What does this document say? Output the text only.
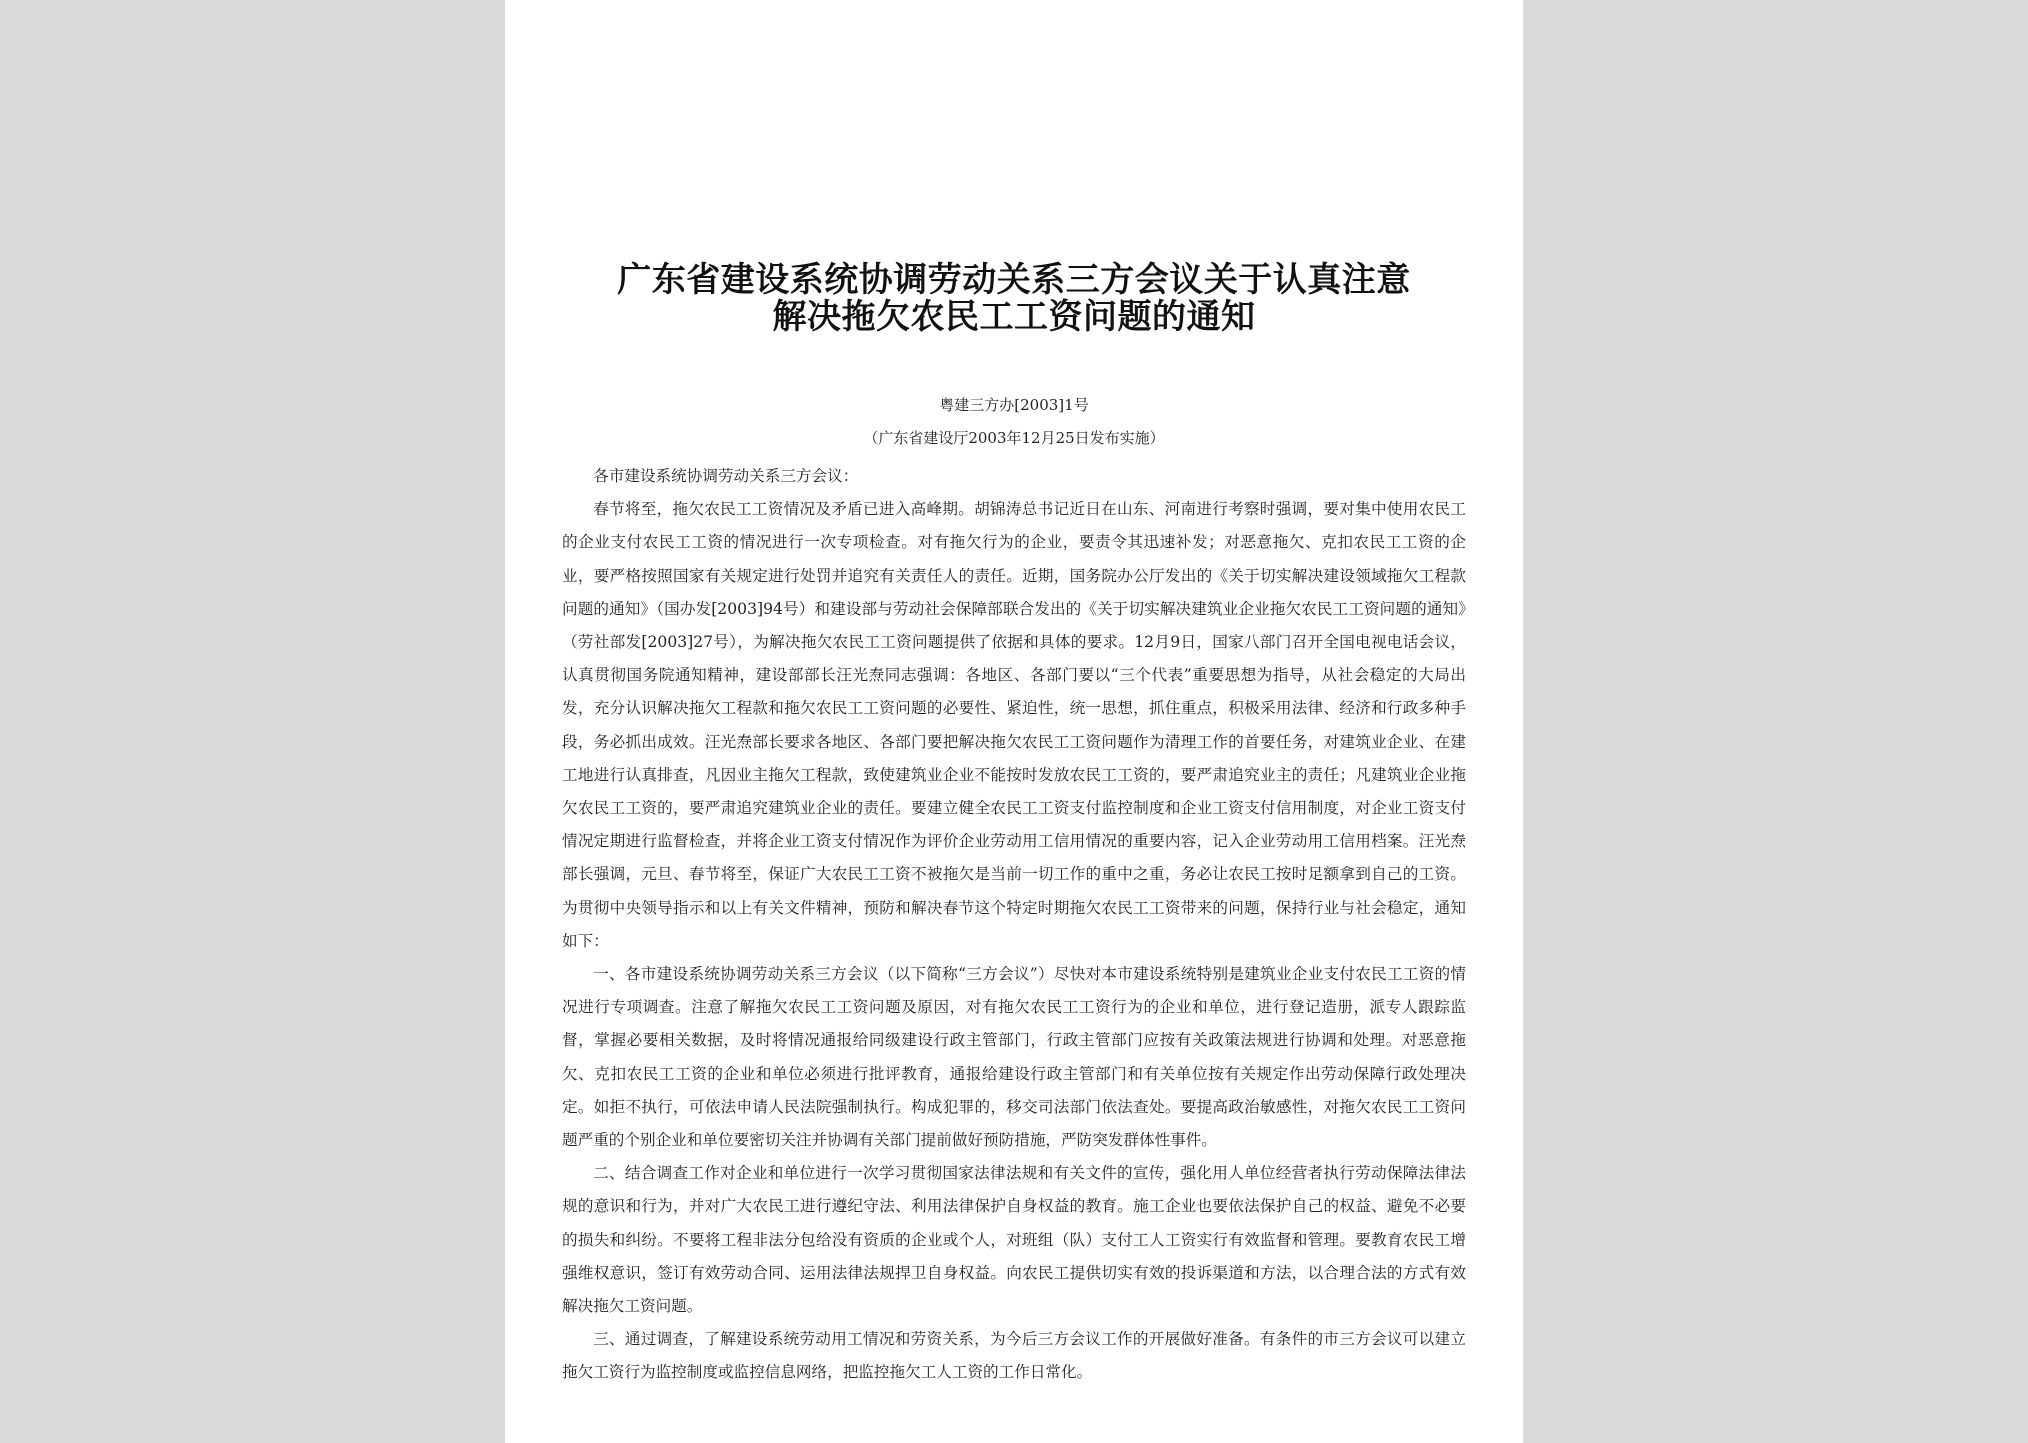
广东省建设系统协调劳动关系三方会议关于认真注意
解决拖欠农民工工资问题的通知
粤建三方办[2003]1号
（广东省建设厅2003年12月25日发布实施）

各市建设系统协调劳动关系三方会议：

春节将至，拖欠农民工工资情况及矛盾已进入高峰期。胡锦涛总书记近日在山东、河南进行考察时强调，要对集中使用农民工的企业支付农民工工资的情况进行一次专项检查。对有拖欠行为的企业，要责令其迅速补发；对恶意拖欠、克扣农民工工资的企业，要严格按照国家有关规定进行处罚并追究有关责任人的责任。近期，国务院办公厅发出的《关于切实解决建设领域拖欠工程款问题的通知》（国办发[2003]94号）和建设部与劳动社会保障部联合发出的《关于切实解决建筑业企业拖欠农民工工资问题的通知》（劳社部发[2003]27号），为解决拖欠农民工工资问题提供了依据和具体的要求。12月9日，国家八部门召开全国电视电话会议，认真贯彻国务院通知精神，建设部部长汪光焘同志强调：各地区、各部门要以“三个代表”重要思想为指导，从社会稳定的大局出发，充分认识解决拖欠工程款和拖欠农民工工资问题的必要性、紧迫性，统一思想，抓住重点，积极采用法律、经济和行政多种手段，务必抓出成效。汪光焘部长要求各地区、各部门要把解决拖欠农民工工资问题作为清理工作的首要任务，对建筑业企业、在建工地进行认真排查，凡因业主拖欠工程款，致使建筑业企业不能按时发放农民工工资的，要严肃追究业主的责任；凡建筑业企业拖欠农民工工资的，要严肃追究建筑业企业的责任。要建立健全农民工工资支付监控制度和企业工资支付信用制度，对企业工资支付情况定期进行监督检查，并将企业工资支付情况作为评价企业劳动用工信用情况的重要内容，记入企业劳动用工信用档案。汪光焘部长强调，元旦、春节将至，保证广大农民工工资不被拖欠是当前一切工作的重中之重，务必让农民工按时足额拿到自己的工资。为贯彻中央领导指示和以上有关文件精神，预防和解决春节这个特定时期拖欠农民工工资带来的问题，保持行业与社会稳定，通知如下：

一、各市建设系统协调劳动关系三方会议（以下简称“三方会议”）尽快对本市建设系统特别是建筑业企业支付农民工工资的情况进行专项调查。注意了解拖欠农民工工资问题及原因，对有拖欠农民工工资行为的企业和单位，进行登记造册，派专人跟踪监督，掌握必要相关数据，及时将情况通报给同级建设行政主管部门，行政主管部门应按有关政策法规进行协调和处理。对恶意拖欠、克扣农民工工资的企业和单位必须进行批评教育，通报给建设行政主管部门和有关单位按有关规定作出劳动保障行政处理决定。如拒不执行，可依法申请人民法院强制执行。构成犯罪的，移交司法部门依法查处。要提高政治敏感性，对拖欠农民工工资问题严重的个别企业和单位要密切关注并协调有关部门提前做好预防措施，严防突发群体性事件。

二、结合调查工作对企业和单位进行一次学习贯彻国家法律法规和有关文件的宣传，强化用人单位经营者执行劳动保障法律法规的意识和行为，并对广大农民工进行遵纪守法、利用法律保护自身权益的教育。施工企业也要依法保护自己的权益、避免不必要的损失和纠纷。不要将工程非法分包给没有资质的企业或个人，对班组（队）支付工人工资实行有效监督和管理。要教育农民工增强维权意识，签订有效劳动合同、运用法律法规捍卫自身权益。向农民工提供切实有效的投诉渠道和方法，以合理合法的方式有效解决拖欠工资问题。

三、通过调查，了解建设系统劳动用工情况和劳资关系，为今后三方会议工作的开展做好准备。有条件的市三方会议可以建立拖欠工资行为监控制度或监控信息网络，把监控拖欠工人工资的工作日常化。
